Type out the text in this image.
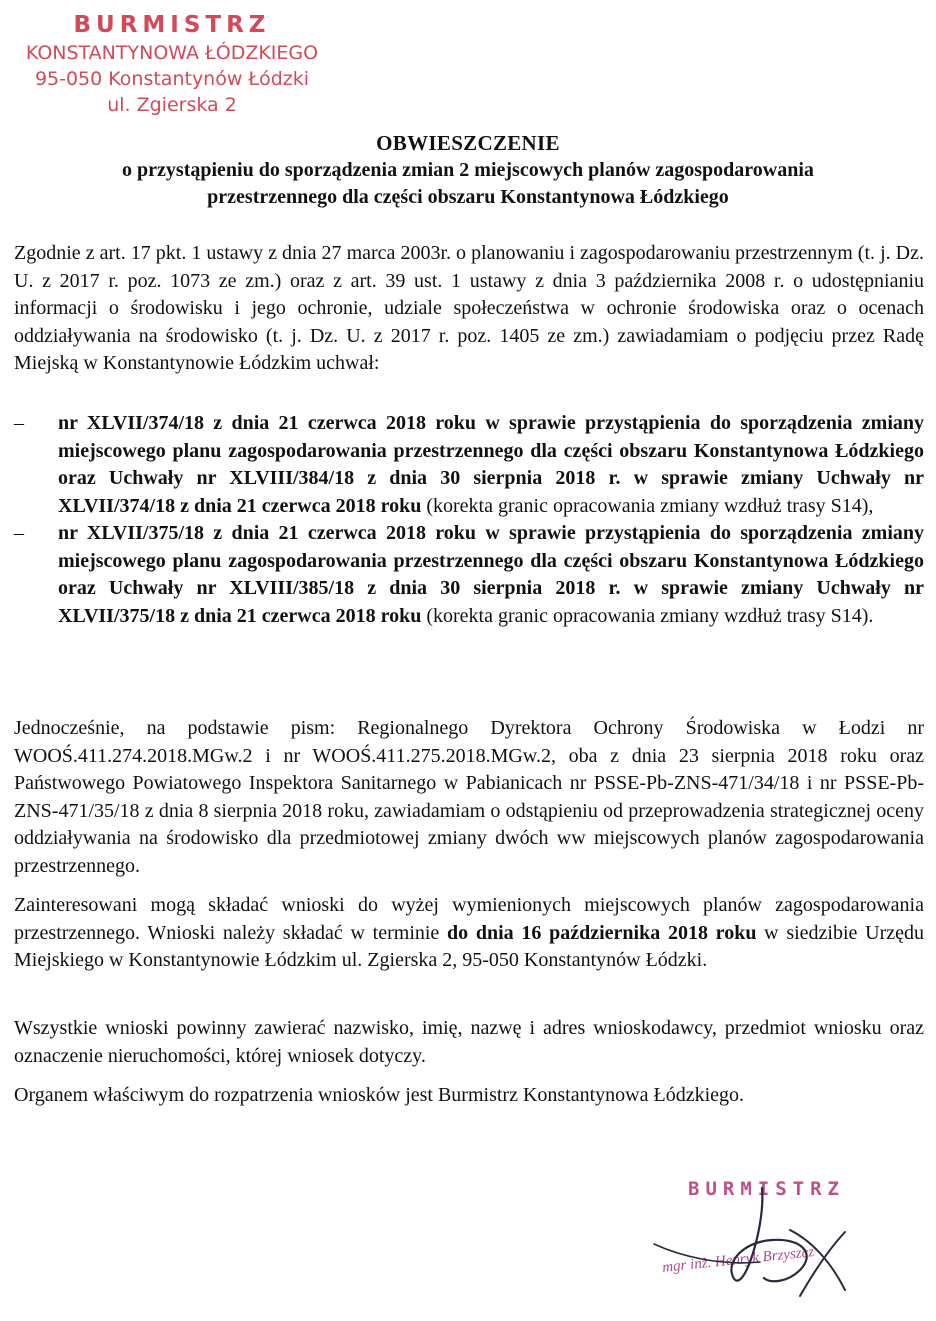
BURMISTRZ
KONSTANTYNOWA ŁÓDZKIEGO
95-050 Konstantynów Łódzki
ul. Zgierska 2
OBWIESZCZENIE
o przystąpieniu do sporządzenia zmian 2 miejscowych planów zagospodarowania
przestrzennego dla części obszaru Konstantynowa Łódzkiego

Zgodnie z art. 17 pkt. 1 ustawy z dnia 27 marca 2003r. o planowaniu i zagospodarowaniu przestrzennym (t. j. Dz. U. z 2017 r. poz. 1073 ze zm.) oraz z art. 39 ust. 1 ustawy z dnia 3 października 2008 r. o udostępnianiu informacji o środowisku i jego ochronie, udziale społeczeństwa w ochronie środowiska oraz o ocenach oddziaływania na środowisko (t. j. Dz. U. z 2017 r. poz. 1405 ze zm.) zawiadamiam o podjęciu przez Radę Miejską w Konstantynowie Łódzkim uchwał:

–	nr XLVII/374/18 z dnia 21 czerwca 2018 roku w sprawie przystąpienia do sporządzenia zmiany miejscowego planu zagospodarowania przestrzennego dla części obszaru Konstantynowa Łódzkiego oraz Uchwały nr XLVIII/384/18 z dnia 30 sierpnia 2018 r. w sprawie zmiany Uchwały nr XLVII/374/18 z dnia 21 czerwca 2018 roku (korekta granic opracowania zmiany wzdłuż trasy S14),
–	nr XLVII/375/18 z dnia 21 czerwca 2018 roku w sprawie przystąpienia do sporządzenia zmiany miejscowego planu zagospodarowania przestrzennego dla części obszaru Konstantynowa Łódzkiego oraz Uchwały nr XLVIII/385/18 z dnia 30 sierpnia 2018 r. w sprawie zmiany Uchwały nr XLVII/375/18 z dnia 21 czerwca 2018 roku (korekta granic opracowania zmiany wzdłuż trasy S14).

Jednocześnie, na podstawie pism: Regionalnego Dyrektora Ochrony Środowiska w Łodzi nr WOOŚ.411.274.2018.MGw.2 i nr WOOŚ.411.275.2018.MGw.2, oba z dnia 23 sierpnia 2018 roku oraz Państwowego Powiatowego Inspektora Sanitarnego w Pabianicach nr PSSE-Pb-ZNS-471/34/18 i nr PSSE-Pb-ZNS-471/35/18 z dnia 8 sierpnia 2018 roku, zawiadamiam o odstąpieniu od przeprowadzenia strategicznej oceny oddziaływania na środowisko dla przedmiotowej zmiany dwóch ww miejscowych planów zagospodarowania przestrzennego.

Zainteresowani mogą składać wnioski do wyżej wymienionych miejscowych planów zagospodarowania przestrzennego. Wnioski należy składać w terminie do dnia 16 października 2018 roku w siedzibie Urzędu Miejskiego w Konstantynowie Łódzkim ul. Zgierska 2, 95-050 Konstantynów Łódzki.

Wszystkie wnioski powinny zawierać nazwisko, imię, nazwę i adres wnioskodawcy, przedmiot wniosku oraz oznaczenie nieruchomości, której wniosek dotyczy.

Organem właściwym do rozpatrzenia wniosków jest Burmistrz Konstantynowa Łódzkiego.

BURMISTRZ
mgr inż. Henryk Brzyszcz
